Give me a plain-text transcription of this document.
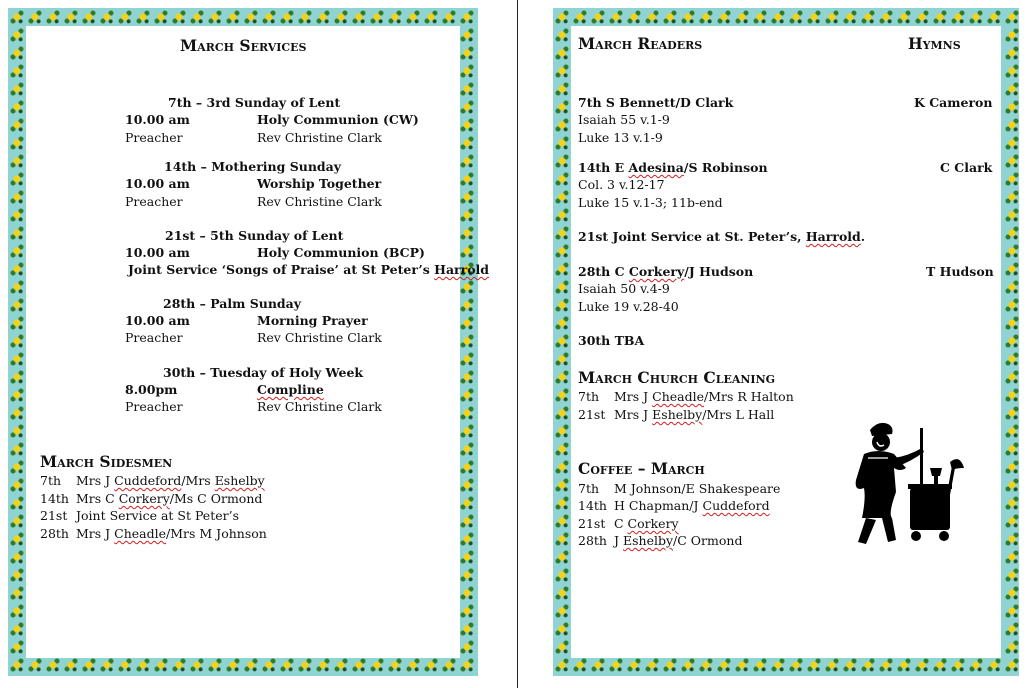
March Services
7th – 3rd Sunday of Lent
10.00 am	Holy Communion (CW)
Preacher	Rev Christine Clark
14th – Mothering Sunday
10.00 am	Worship Together
Preacher	Rev Christine Clark
21st – 5th Sunday of Lent
10.00 am	Holy Communion (BCP)
Joint Service ‘Songs of Praise’ at St Peter’s Harrold
28th – Palm Sunday
10.00 am	Morning Prayer
Preacher	Rev Christine Clark
30th – Tuesday of Holy Week
8.00pm	Compline
Preacher	Rev Christine Clark
March Sidesmen
7th Mrs J Cuddeford/Mrs Eshelby
14th Mrs C Corkery/Ms C Ormond
21st Joint Service at St Peter’s
28th Mrs J Cheadle/Mrs M Johnson
March Readers	Hymns
7th S Bennett/D Clark	K Cameron
Isaiah 55 v.1-9
Luke 13 v.1-9
14th E Adesina/S Robinson	C Clark
Col. 3 v.12-17
Luke 15 v.1-3; 11b-end
21st Joint Service at St. Peter’s, Harrold.
28th C Corkery/J Hudson	T Hudson
Isaiah 50 v.4-9
Luke 19 v.28-40
30th TBA
March Church Cleaning
7th Mrs J Cheadle/Mrs R Halton
21st Mrs J Eshelby/Mrs L Hall
Coffee – March
7th M Johnson/E Shakespeare
14th H Chapman/J Cuddeford
21st C Corkery
28th J Eshelby/C Ormond
